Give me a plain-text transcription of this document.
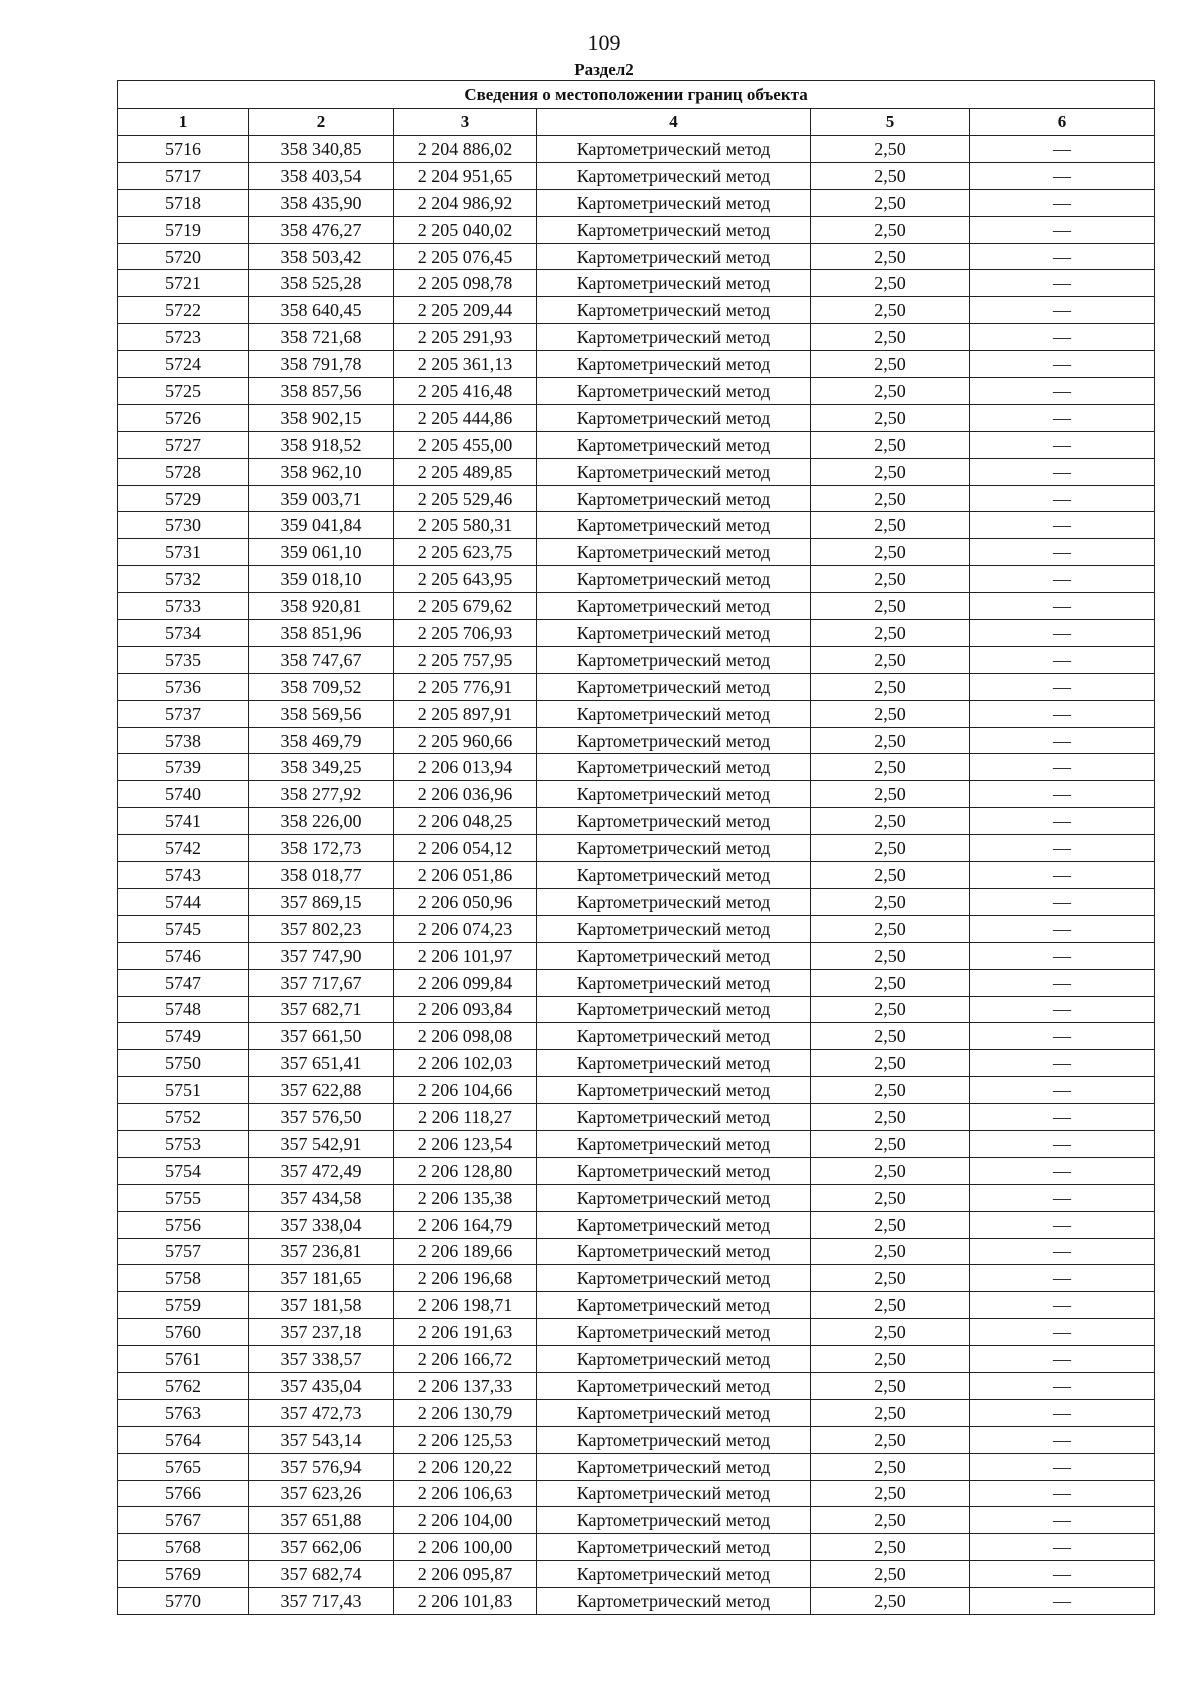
109
Раздел2
Сведения о местоположении границ объекта					
1	2	3	4	5	6
5716	358 340,85	2 204 886,02	Картометрический метод	2,50	—
5717	358 403,54	2 204 951,65	Картометрический метод	2,50	—
5718	358 435,90	2 204 986,92	Картометрический метод	2,50	—
5719	358 476,27	2 205 040,02	Картометрический метод	2,50	—
5720	358 503,42	2 205 076,45	Картометрический метод	2,50	—
5721	358 525,28	2 205 098,78	Картометрический метод	2,50	—
5722	358 640,45	2 205 209,44	Картометрический метод	2,50	—
5723	358 721,68	2 205 291,93	Картометрический метод	2,50	—
5724	358 791,78	2 205 361,13	Картометрический метод	2,50	—
5725	358 857,56	2 205 416,48	Картометрический метод	2,50	—
5726	358 902,15	2 205 444,86	Картометрический метод	2,50	—
5727	358 918,52	2 205 455,00	Картометрический метод	2,50	—
5728	358 962,10	2 205 489,85	Картометрический метод	2,50	—
5729	359 003,71	2 205 529,46	Картометрический метод	2,50	—
5730	359 041,84	2 205 580,31	Картометрический метод	2,50	—
5731	359 061,10	2 205 623,75	Картометрический метод	2,50	—
5732	359 018,10	2 205 643,95	Картометрический метод	2,50	—
5733	358 920,81	2 205 679,62	Картометрический метод	2,50	—
5734	358 851,96	2 205 706,93	Картометрический метод	2,50	—
5735	358 747,67	2 205 757,95	Картометрический метод	2,50	—
5736	358 709,52	2 205 776,91	Картометрический метод	2,50	—
5737	358 569,56	2 205 897,91	Картометрический метод	2,50	—
5738	358 469,79	2 205 960,66	Картометрический метод	2,50	—
5739	358 349,25	2 206 013,94	Картометрический метод	2,50	—
5740	358 277,92	2 206 036,96	Картометрический метод	2,50	—
5741	358 226,00	2 206 048,25	Картометрический метод	2,50	—
5742	358 172,73	2 206 054,12	Картометрический метод	2,50	—
5743	358 018,77	2 206 051,86	Картометрический метод	2,50	—
5744	357 869,15	2 206 050,96	Картометрический метод	2,50	—
5745	357 802,23	2 206 074,23	Картометрический метод	2,50	—
5746	357 747,90	2 206 101,97	Картометрический метод	2,50	—
5747	357 717,67	2 206 099,84	Картометрический метод	2,50	—
5748	357 682,71	2 206 093,84	Картометрический метод	2,50	—
5749	357 661,50	2 206 098,08	Картометрический метод	2,50	—
5750	357 651,41	2 206 102,03	Картометрический метод	2,50	—
5751	357 622,88	2 206 104,66	Картометрический метод	2,50	—
5752	357 576,50	2 206 118,27	Картометрический метод	2,50	—
5753	357 542,91	2 206 123,54	Картометрический метод	2,50	—
5754	357 472,49	2 206 128,80	Картометрический метод	2,50	—
5755	357 434,58	2 206 135,38	Картометрический метод	2,50	—
5756	357 338,04	2 206 164,79	Картометрический метод	2,50	—
5757	357 236,81	2 206 189,66	Картометрический метод	2,50	—
5758	357 181,65	2 206 196,68	Картометрический метод	2,50	—
5759	357 181,58	2 206 198,71	Картометрический метод	2,50	—
5760	357 237,18	2 206 191,63	Картометрический метод	2,50	—
5761	357 338,57	2 206 166,72	Картометрический метод	2,50	—
5762	357 435,04	2 206 137,33	Картометрический метод	2,50	—
5763	357 472,73	2 206 130,79	Картометрический метод	2,50	—
5764	357 543,14	2 206 125,53	Картометрический метод	2,50	—
5765	357 576,94	2 206 120,22	Картометрический метод	2,50	—
5766	357 623,26	2 206 106,63	Картометрический метод	2,50	—
5767	357 651,88	2 206 104,00	Картометрический метод	2,50	—
5768	357 662,06	2 206 100,00	Картометрический метод	2,50	—
5769	357 682,74	2 206 095,87	Картометрический метод	2,50	—
5770	357 717,43	2 206 101,83	Картометрический метод	2,50	—
